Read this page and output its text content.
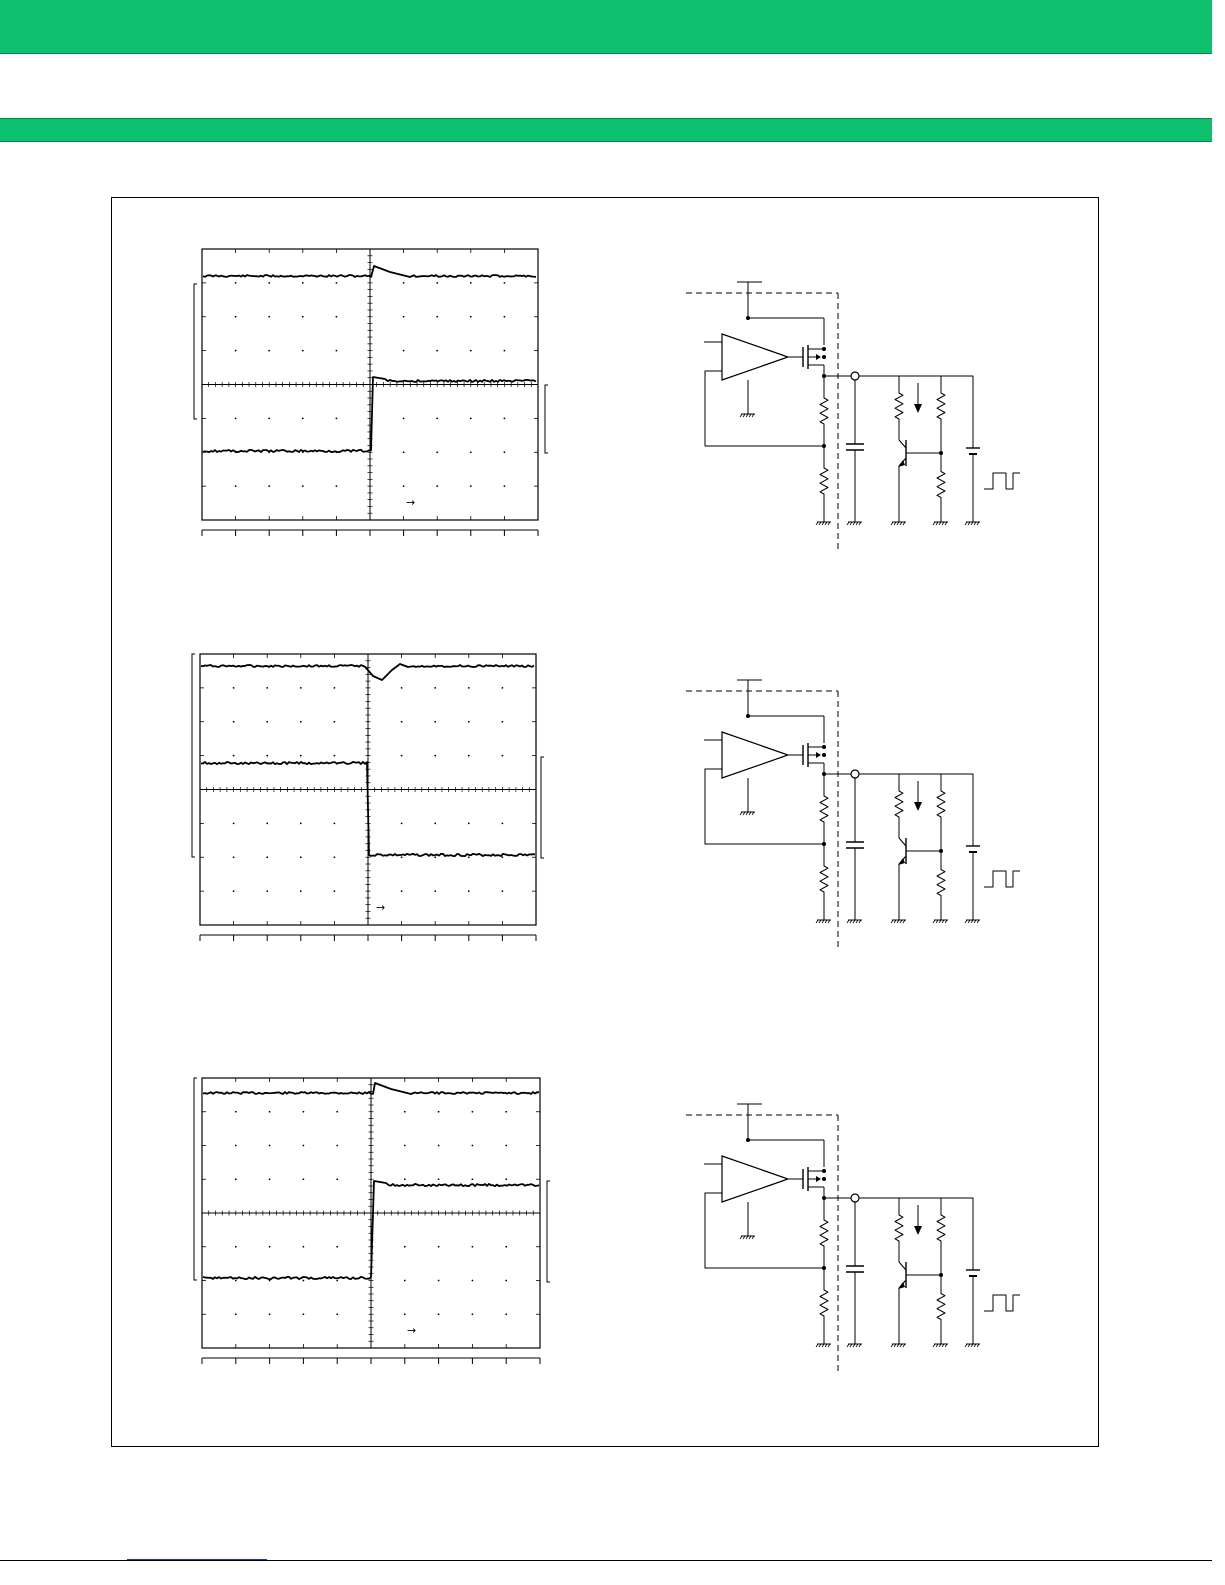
→
→
→
